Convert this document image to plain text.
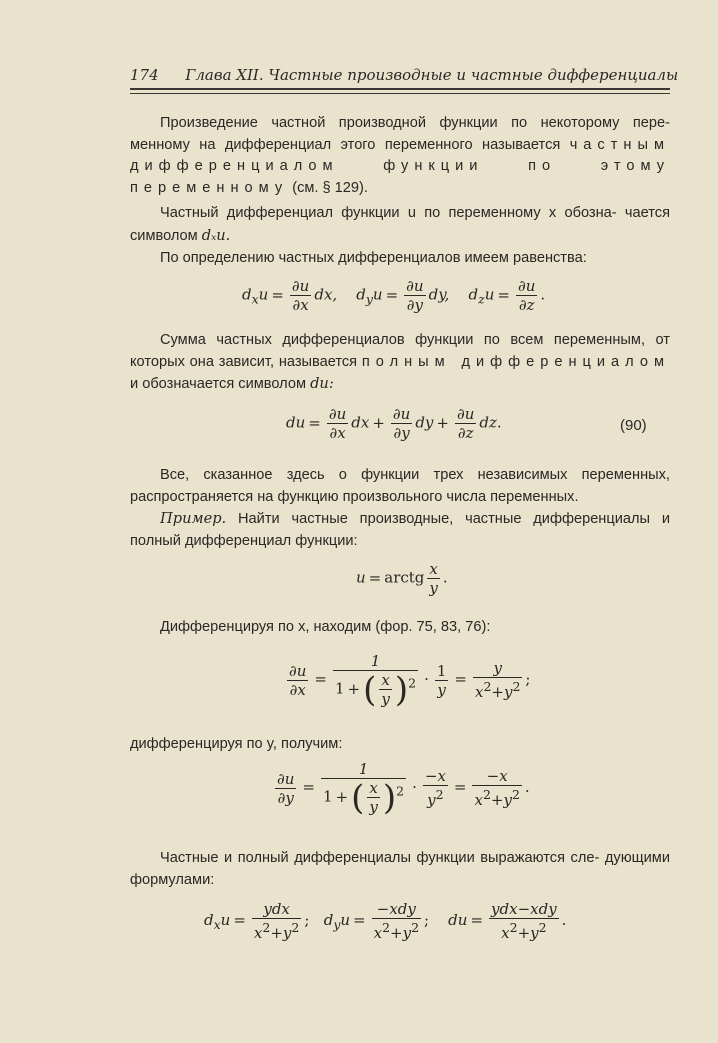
174 Глава XII. Частные производные и частные дифференциалы
Произведение частной производной функции по некоторому пере- менному на дифференциал этого переменного называется частным дифференциалом функции по этому переменному (см. § 129).
Частный дифференциал функции u по переменному x обозна- чается символом dₓu.
По определению частных дифференциалов имеем равенства:
$d_xu = \frac{\partial u}{\partial x}$ dx,    $d_yu = \frac{\partial u}{\partial y}$ dy,    $d_zu = \frac{\partial u}{\partial z}$ .
Сумма частных дифференциалов функции по всем переменным, от которых она зависит, называется полным дифференциалом и обозначается символом du:
du = $\frac{\partial u}{\partial x}$ dx + $\frac{\partial u}{\partial y}$ dy + $\frac{\partial u}{\partial z}$ dz.	(90)
Все, сказанное здесь о функции трех независимых переменных, распространяется на функцию произвольного числа переменных.
Пример. Найти частные производные, частные дифференциалы и полный дифференциал функции:
u = arctg $\frac{x}{y}$ .
Дифференцируя по x, находим (фор. 75, 83, 76):
$\frac{\partial u}{\partial x} = \frac{1}{1 +( \frac{x}{y} )^2} \cdot \frac{1}{y} = \frac{y}{x^2+y^2}$ ;
дифференцируя по y, получим:
$\frac{\partial u}{\partial y} = \frac{1}{1 +( \frac{x}{y} )^2} \cdot \frac{-x}{y^2} = \frac{-x}{x^2+y^2}$ .
Частные и полный дифференциалы функции выражаются сле- дующими формулами:
$d_xu$ =
ydx
$x^2+y^2$ ;   $d_yu$ =
−xdy
$x^2+y^2$ ;    du =
ydx−xdy
$x^2+y^2$	.
